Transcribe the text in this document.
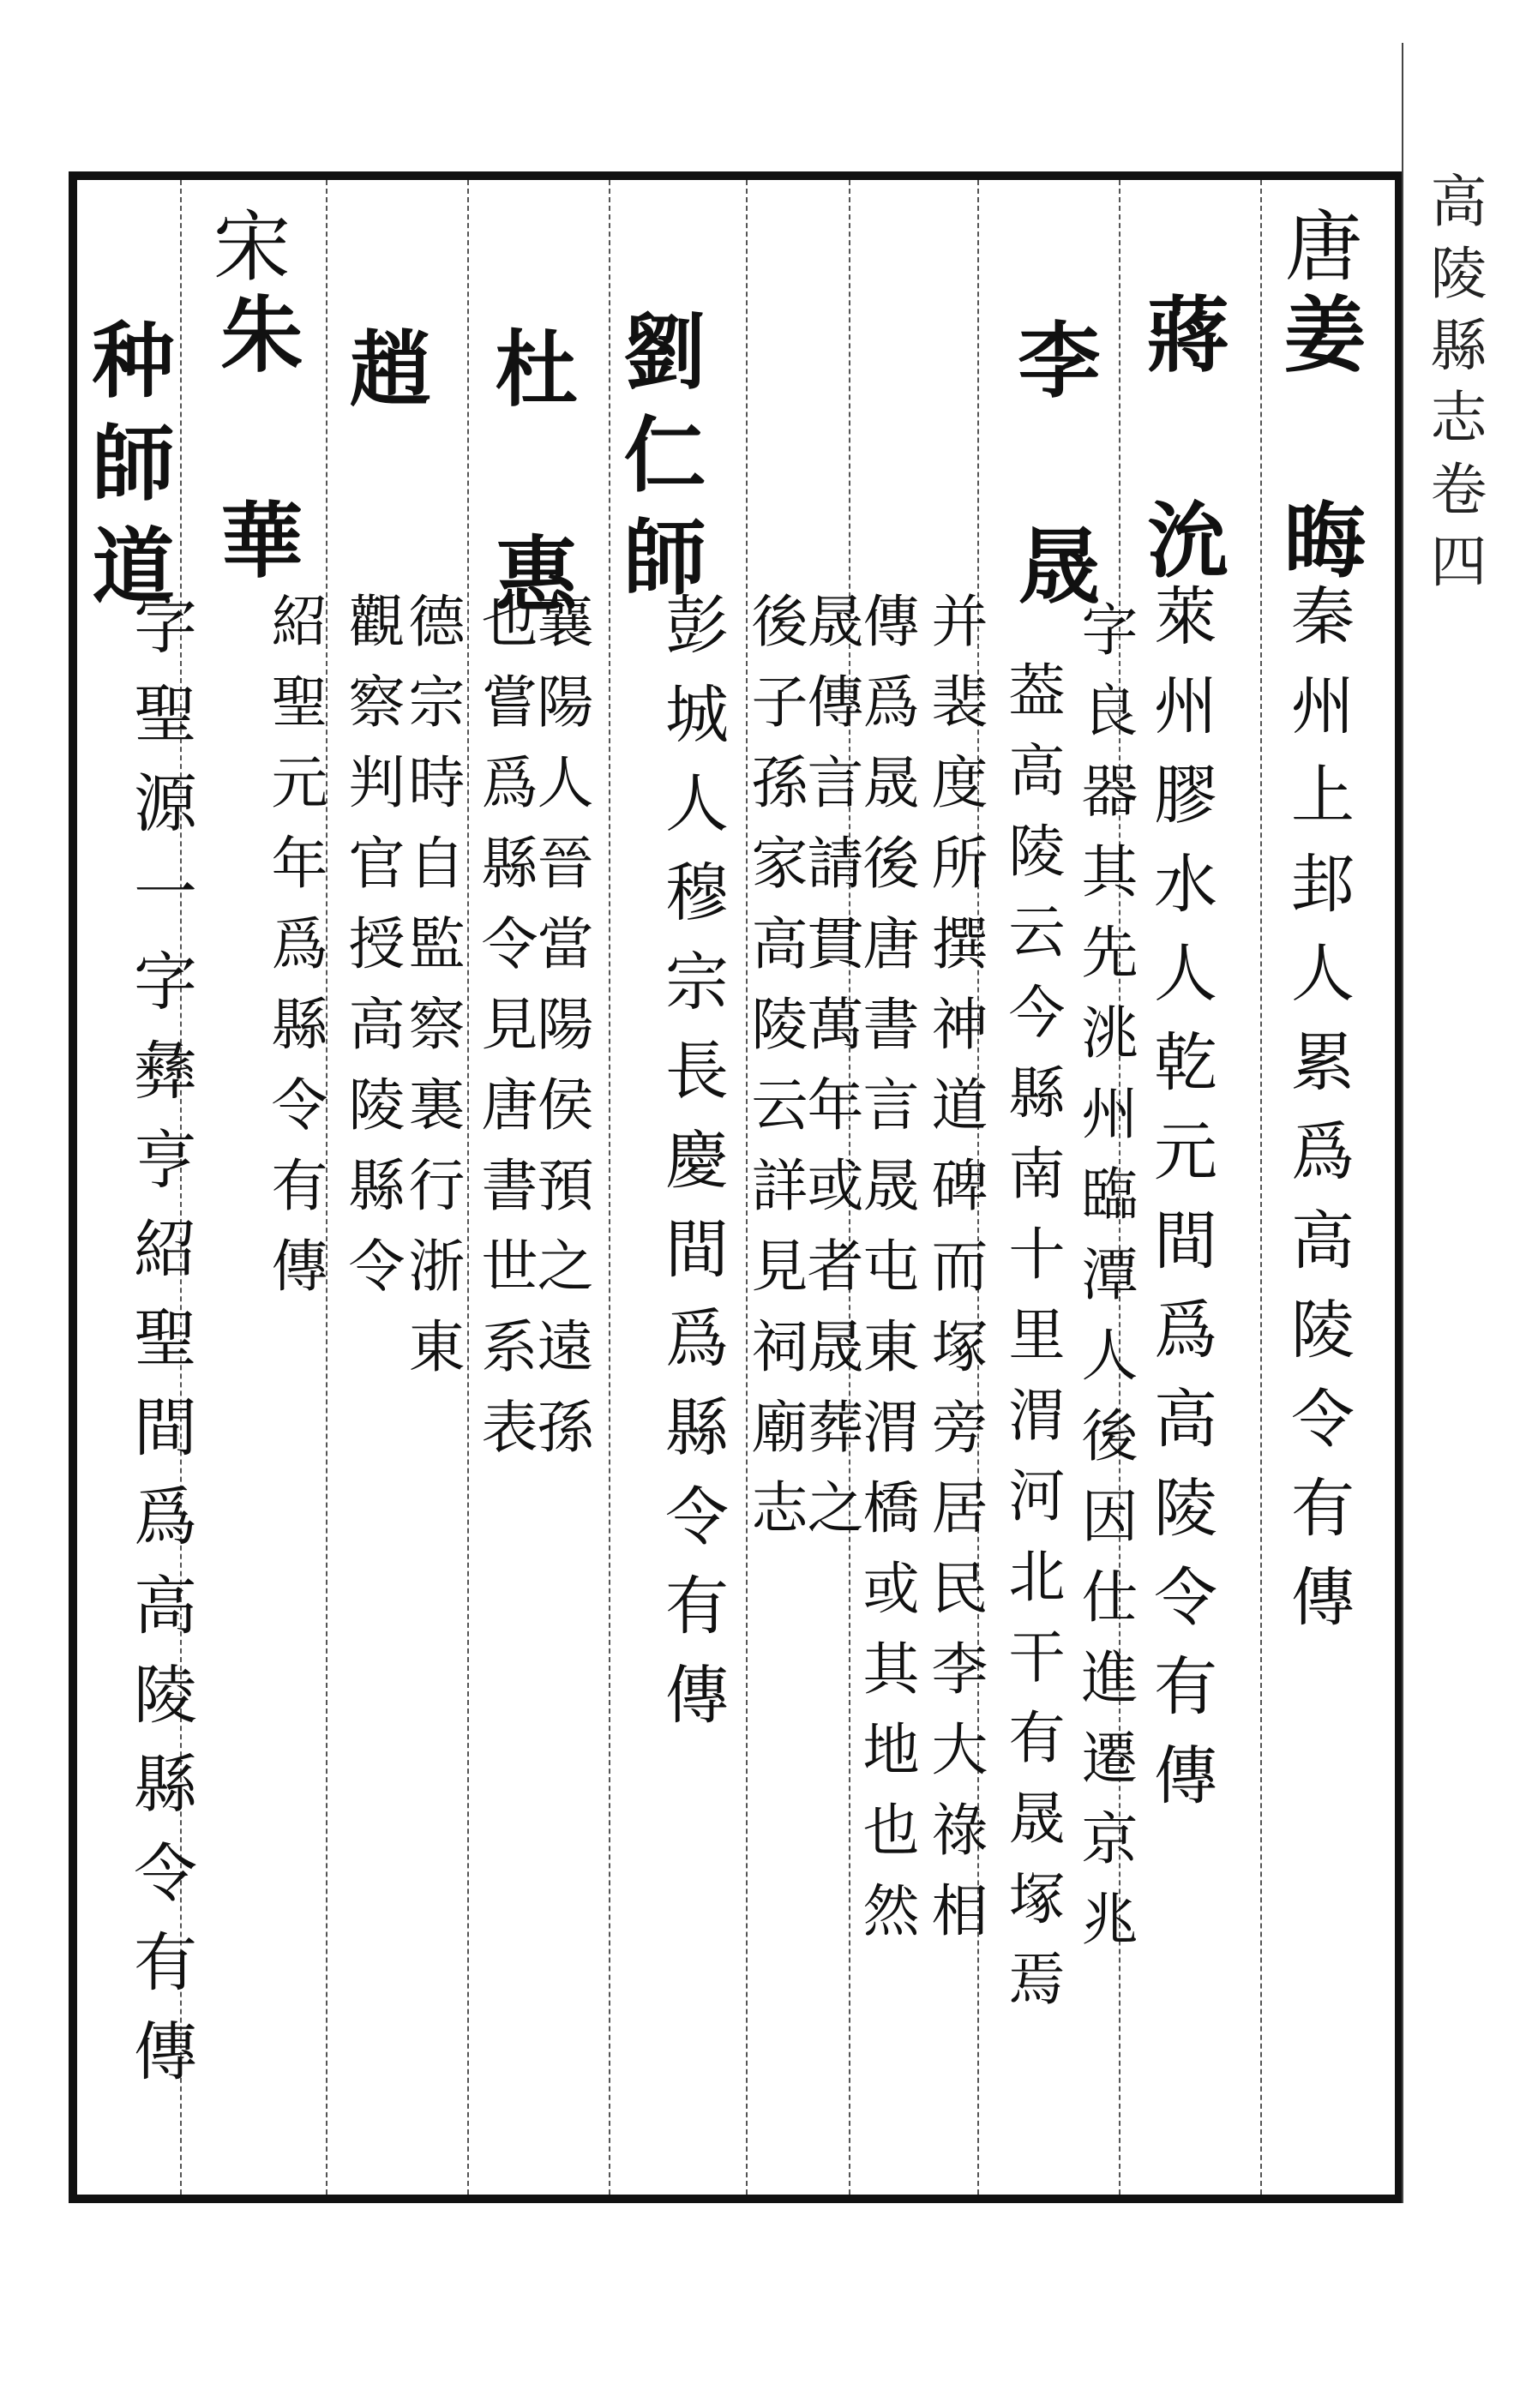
高陵縣志卷四
唐
姜　晦
秦州上邽人累爲高陵令有傳
蔣　沇
萊州膠水人乾元間爲高陵令有傳
李　晟
字良器其先洮州臨潭人後因仕進遷京兆
葢高陵云今縣南十里渭河北干有晟塚焉
并裴度所撰神道碑而塚旁居民李大祿相
傳爲晟後唐書言晟屯東渭橋或其地也然
晟傳言請貫萬年或者晟葬之
後子孫家高陵云詳見祠廟志
劉仁師
彭城人穆宗長慶間爲縣令有傳
杜　惠
襄陽人晉當陽侯預之遠孫
也嘗爲縣令見唐書世系表
趙
德宗時自監察裏行浙東
觀察判官授高陵縣令
宋
朱　華
紹聖元年爲縣令有傳
种師道
字聖源一字彝亨紹聖間爲高陵縣令有傳
